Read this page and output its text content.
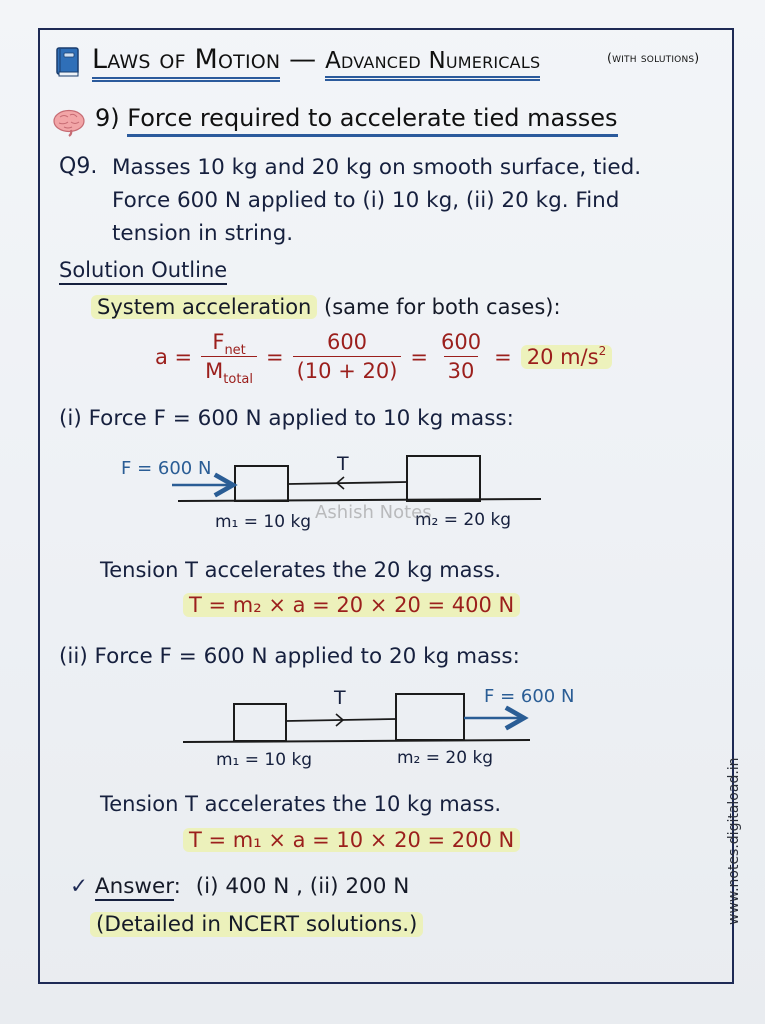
Laws of Motion — Advanced Numericals	(with solutions)
9) Force required to accelerate tied masses
Q9. Masses 10 kg and 20 kg on smooth surface, tied.
Force 600 N applied to (i) 10 kg, (ii) 20 kg. Find
tension in string.
Solution Outline
System acceleration (same for both cases):
$a = \frac{F_{net}}{M_{total}} = \frac{600}{(10 + 20)} = \frac{600}{30} = 20$ $m/s^2$
(i) Force F = 600 N applied to 10 kg mass:
F = 600 N	T
m₁ = 10 kg	m₂ = 20 kg
Ashish Notes
Tension T accelerates the 20 kg mass.
T = m₂ × a = 20 × 20 = 400 N
(ii) Force F = 600 N applied to 20 kg mass:
T	F = 600 N
m₁ = 10 kg	m₂ = 20 kg
Tension T accelerates the 10 kg mass.
T = m₁ × a = 10 × 20 = 200 N
✓ Answer: (i) 400 N , (ii) 200 N
(Detailed in NCERT solutions.)	www.notes.digitaload.in
